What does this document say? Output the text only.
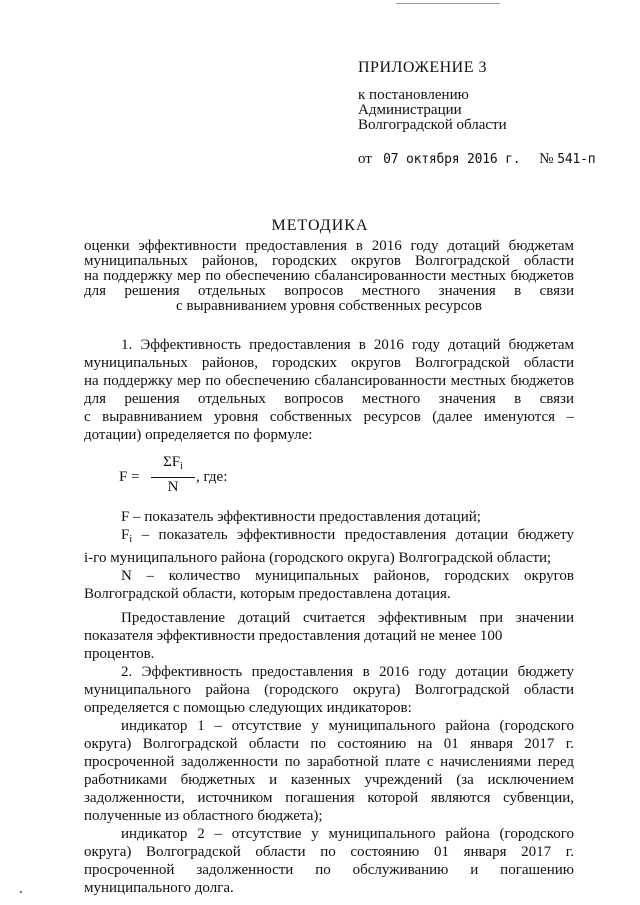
ПРИЛОЖЕНИЕ 3
к постановлению
Администрации
Волгоградской области
от 07 октября 2016 г. № 541-п
МЕТОДИКА
оценки эффективности предоставления в 2016 году дотаций бюджетам
муниципальных районов, городских округов Волгоградской области
на поддержку мер по обеспечению сбалансированности местных бюджетов
для решения отдельных вопросов местного значения в связи
с выравниванием уровня собственных ресурсов
1. Эффективность предоставления в 2016 году дотаций бюджетам
муниципальных районов, городских округов Волгоградской области
на поддержку мер по обеспечению сбалансированности местных бюджетов
для решения отдельных вопросов местного значения в связи
с выравниванием уровня собственных ресурсов (далее именуются –
дотации) определяется по формуле:
F =
$\Sigma F_i$
N
, где:
F – показатель эффективности предоставления дотаций;
$F_i$ – показатель эффективности предоставления дотации бюджету
i-го муниципального района (городского округа) Волгоградской области;
N – количество муниципальных районов, городских округов
Волгоградской области, которым предоставлена дотация.
Предоставление дотаций считается эффективным при значении
показателя эффективности предоставления дотаций не менее 100 процентов.
2. Эффективность предоставления в 2016 году дотации бюджету
муниципального района (городского округа) Волгоградской области
определяется с помощью следующих индикаторов:
индикатор 1 – отсутствие у муниципального района (городского
округа) Волгоградской области по состоянию на 01 января 2017 г.
просроченной задолженности по заработной плате с начислениями перед
работниками бюджетных и казенных учреждений (за исключением
задолженности, источником погашения которой являются субвенции,
полученные из областного бюджета);
индикатор 2 – отсутствие у муниципального района (городского
округа) Волгоградской области по состоянию 01 января 2017 г.
просроченной задолженности по обслуживанию и погашению
муниципального долга.
